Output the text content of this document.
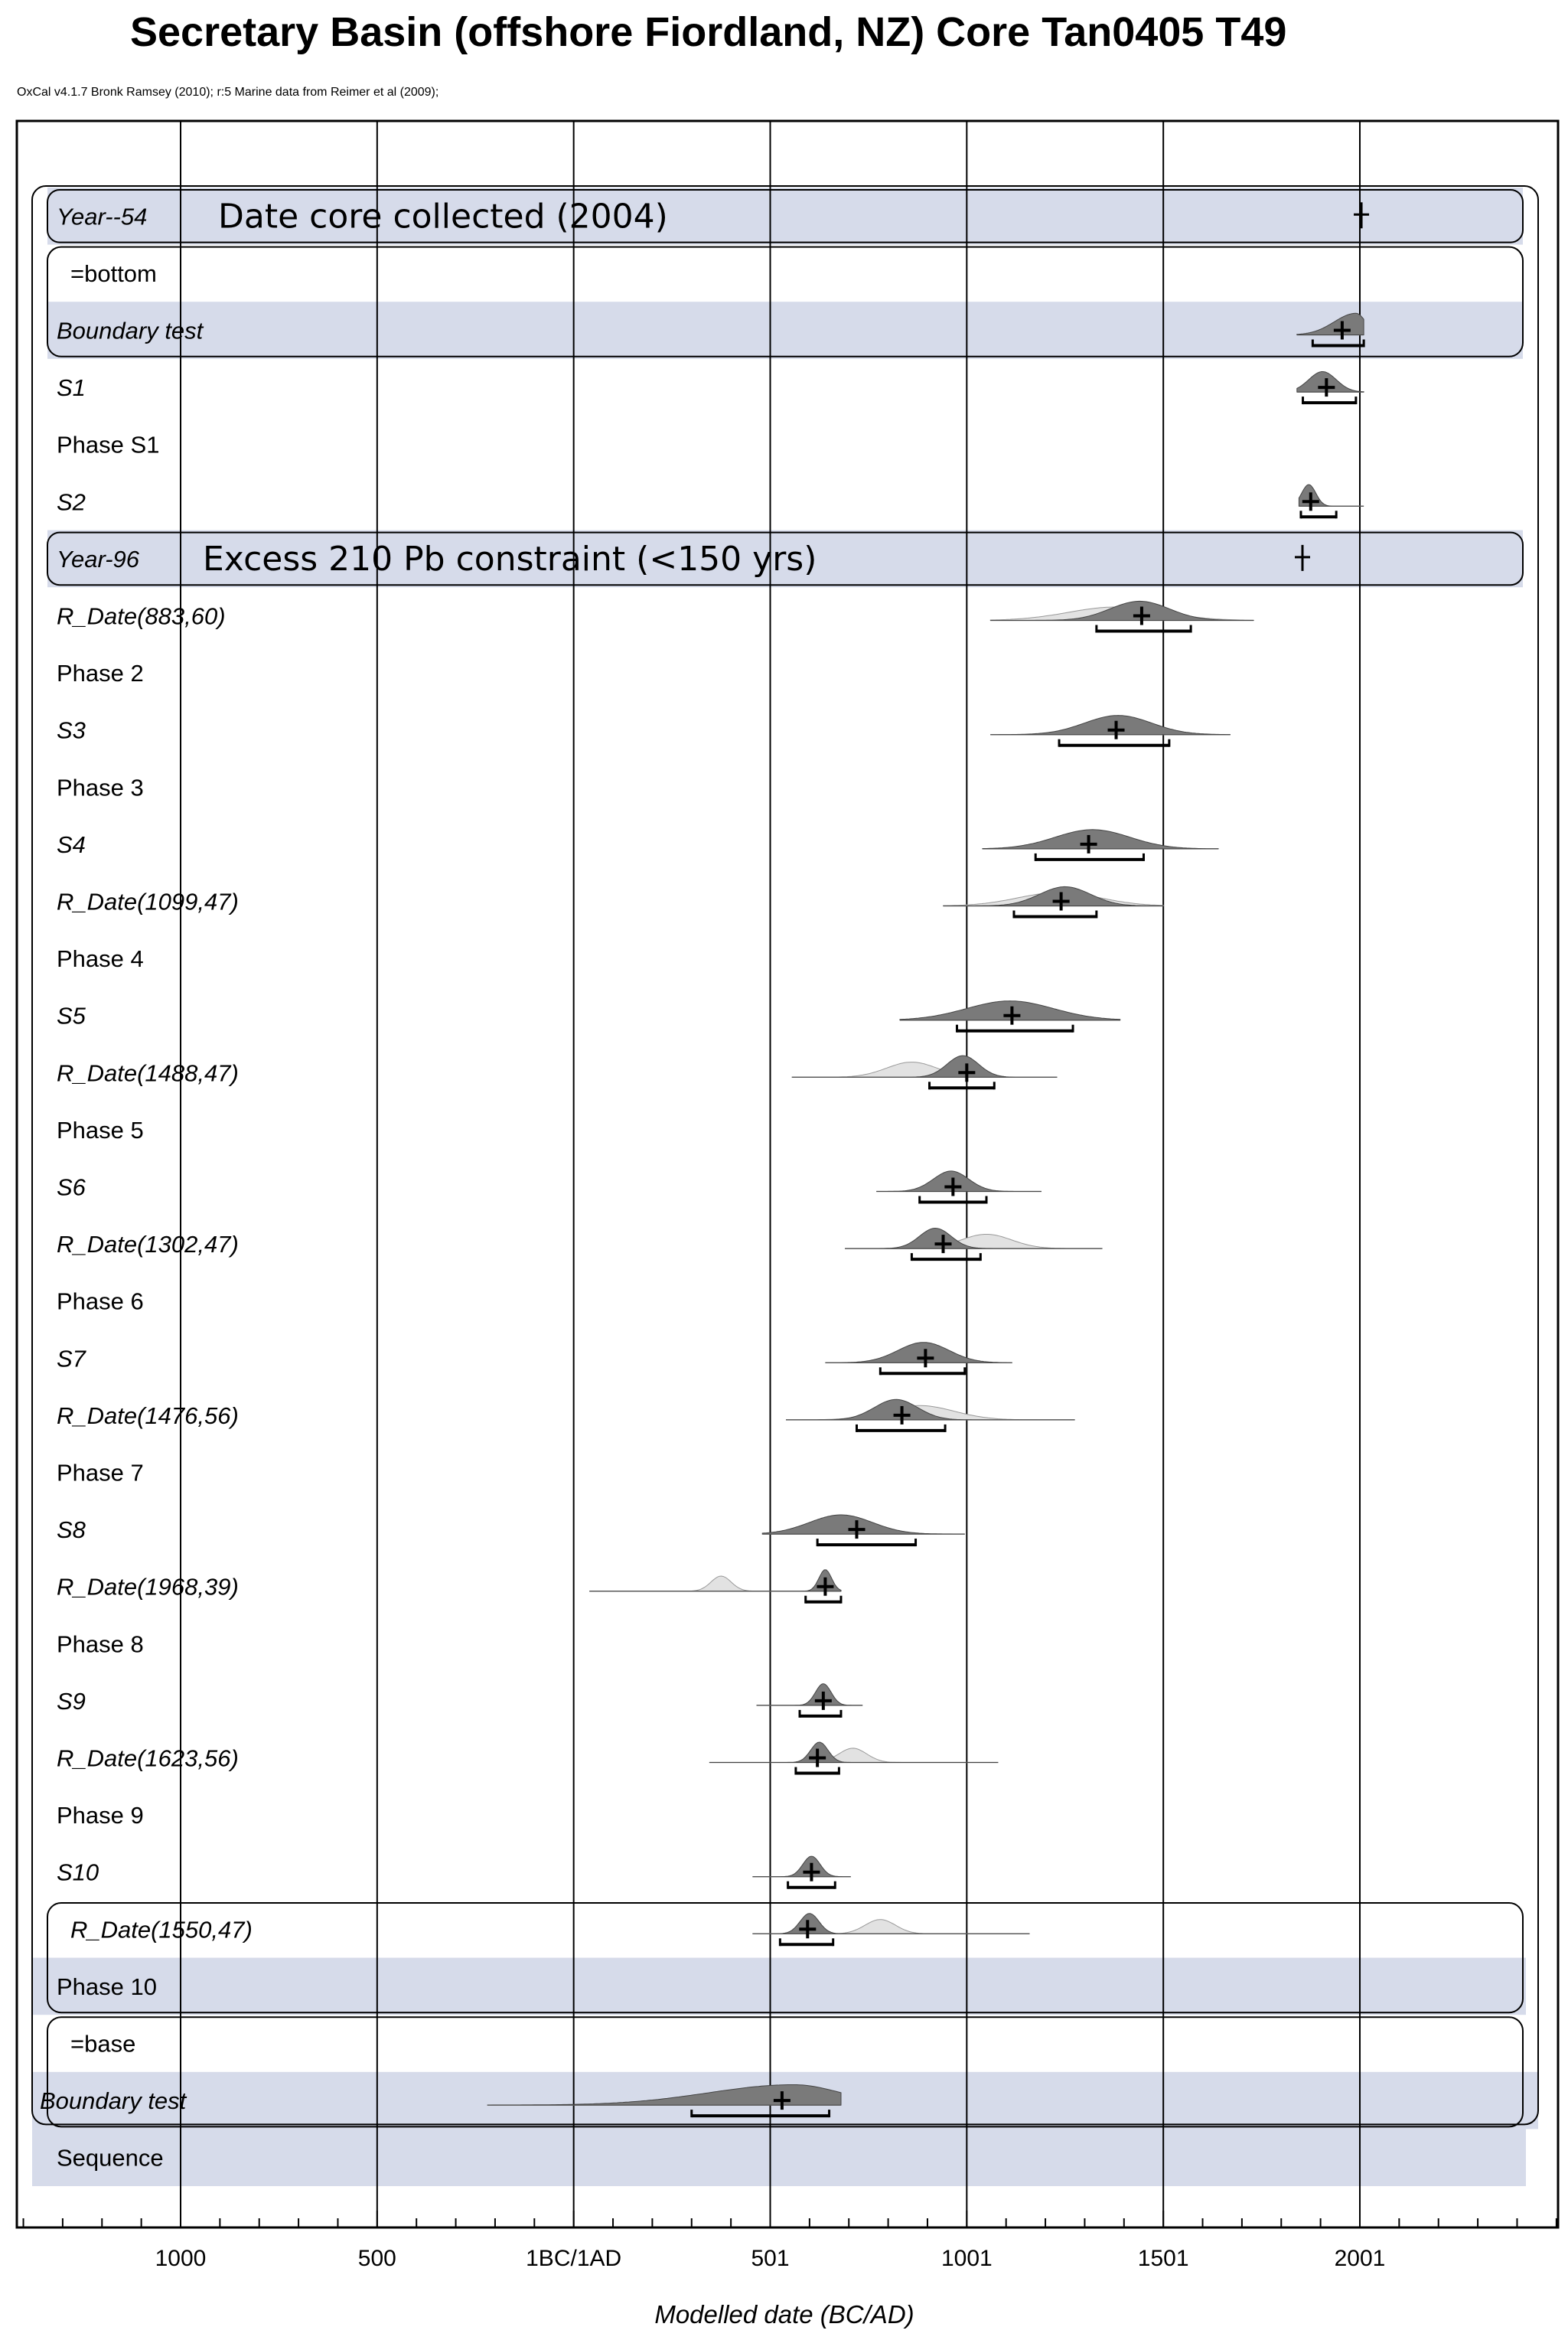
Secretary Basin (offshore Fiordland, NZ) Core Tan0405 T49
OxCal v4.1.7 Bronk Ramsey (2010); r:5 Marine data from Reimer et al (2009);
Year--54 Date core collected (2004)
=bottom
Boundary test
S1
Phase S1
S2
Year-96 Excess 210 Pb constraint (<150 yrs)
R_Date(883,60)
Phase 2
S3
Phase 3
S4
R_Date(1099,47)
Phase 4
S5
R_Date(1488,47)
Phase 5
S6
R_Date(1302,47)
Phase 6
S7
R_Date(1476,56)
Phase 7
S8
R_Date(1968,39)
Phase 8
S9
R_Date(1623,56)
Phase 9
S10
R_Date(1550,47)
Phase 10
=base
Boundary test
Sequence
1000	500	1BC/1AD	501	1001	1501	2001
Modelled date (BC/AD)
